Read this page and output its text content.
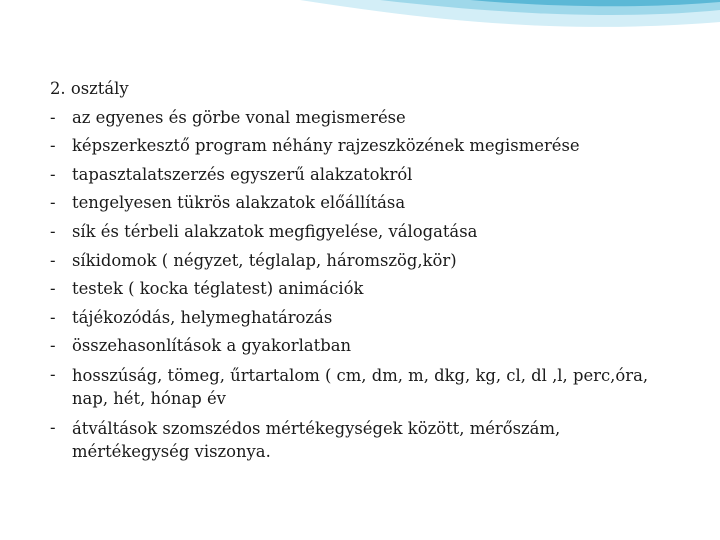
2. osztály
-	az egyenes és görbe vonal megismerése
-	képszerkesztő program néhány rajzeszközének megismerése
-	tapasztalatszerzés egyszerű alakzatokról
-	tengelyesen tükrös alakzatok előállítása
-	sík és térbeli alakzatok megfigyelése, válogatása
-	síkidomok ( négyzet, téglalap, háromszög,kör)
-	testek ( kocka téglatest) animációk
-	tájékozódás, helymeghatározás
-	összehasonlítások a gyakorlatban
-	hosszúság, tömeg, űrtartalom ( cm, dm, m, dkg, kg, cl, dl ,l, perc,óra, nap, hét, hónap év
-	átváltások szomszédos mértékegységek között, mérőszám, mértékegység viszonya.
